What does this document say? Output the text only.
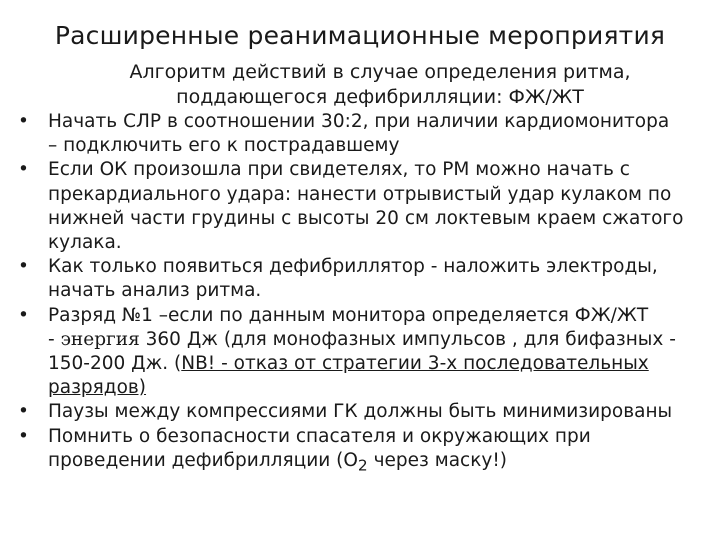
Расширенные реанимационные мероприятия
Алгоритм действий в случае определения ритма,
поддающегося дефибрилляции: ФЖ/ЖТ
•	Начать СЛР в соотношении 30:2, при наличии кардиомонитора
– подключить его к пострадавшему
•	Если ОК произошла при свидетелях, то РМ можно начать с
прекардиального удара: нанести отрывистый удар кулаком по
нижней части грудины с высоты 20 см локтевым краем сжатого
кулака.
•	Как только появиться дефибриллятор - наложить электроды,
начать анализ ритма.
•	Разряд №1 –если по данным монитора определяется ФЖ/ЖТ
- энергия 360 Дж (для монофазных импульсов , для бифазных -
150-200 Дж. (NB! - отказ от стратегии 3-х последовательных
разрядов)
•	Паузы между компрессиями ГК должны быть минимизированы
•	Помнить о безопасности спасателя и окружающих при
проведении дефибрилляции ($О_2$ через маску!)
